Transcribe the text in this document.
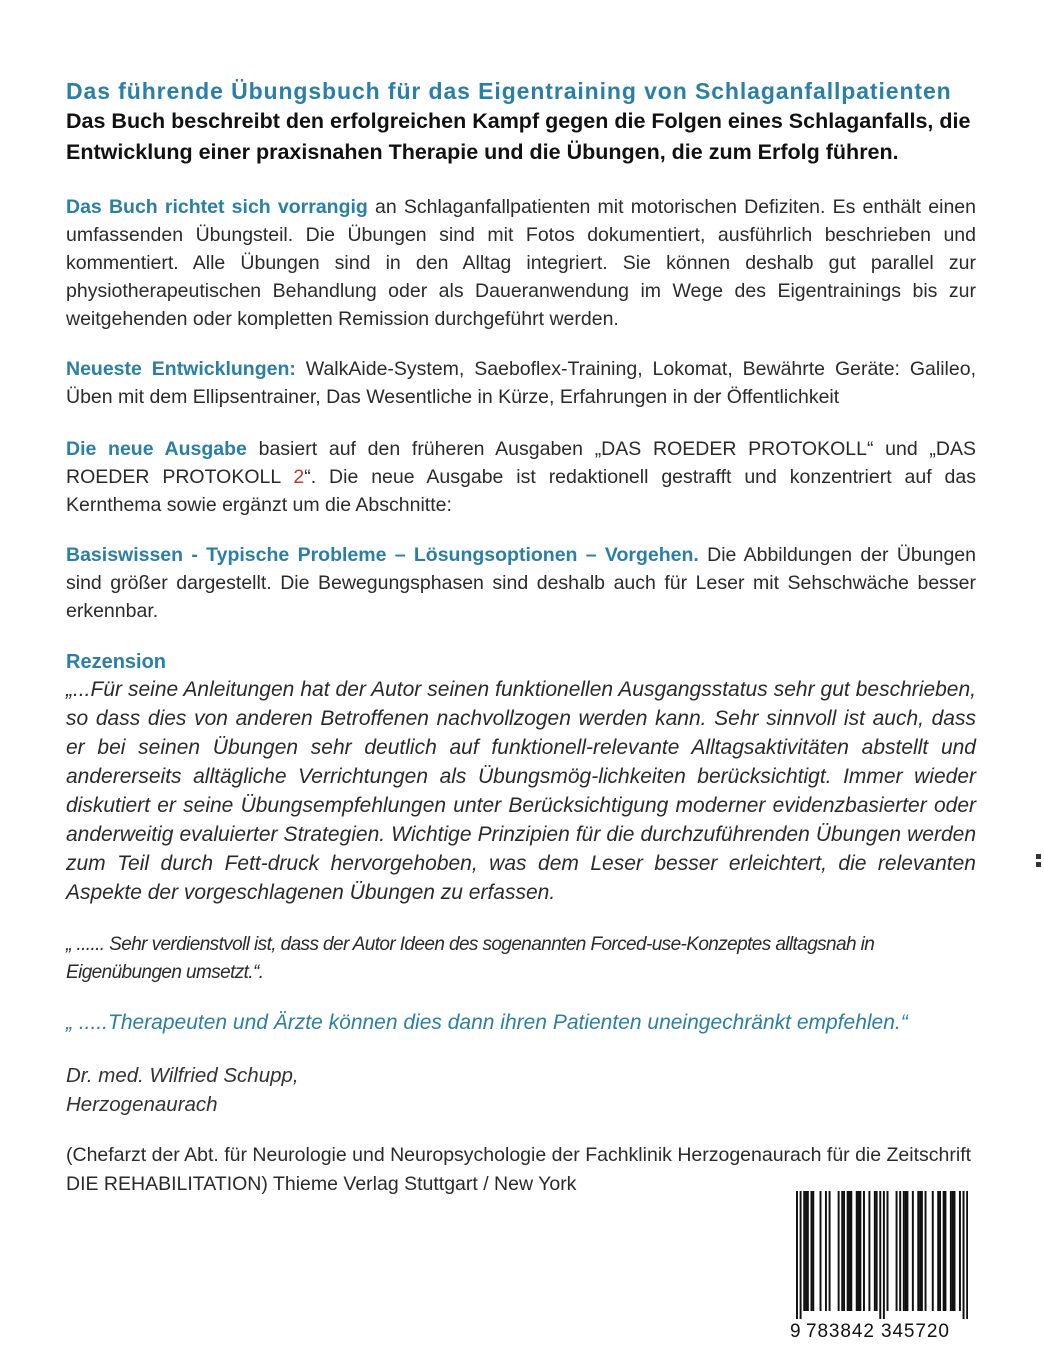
Das führende Übungsbuch für das Eigentraining von Schlaganfallpatienten

Das Buch beschreibt den erfolgreichen Kampf gegen die Folgen eines Schlaganfalls, die Entwicklung einer praxisnahen Therapie und die Übungen, die zum Erfolg führen.

Das Buch richtet sich vorrangig an Schlaganfallpatienten mit motorischen Defiziten. Es enthält einen umfassenden Übungsteil. Die Übungen sind mit Fotos dokumentiert, ausführlich beschrieben und kommentiert. Alle Übungen sind in den Alltag integriert. Sie können deshalb gut parallel zur physiotherapeutischen Behandlung oder als Daueranwendung im Wege des Eigentrainings bis zur weitgehenden oder kompletten Remission durchgeführt werden.

Neueste Entwicklungen: WalkAide-System, Saeboflex-Training, Lokomat, Bewährte Geräte: Galileo, Üben mit dem Ellipsentrainer, Das Wesentliche in Kürze, Erfahrungen in der Öffentlichkeit

Die neue Ausgabe basiert auf den früheren Ausgaben „DAS ROEDER PROTOKOLL“ und „DAS ROEDER PROTOKOLL 2“. Die neue Ausgabe ist redaktionell gestrafft und konzentriert auf das Kernthema sowie ergänzt um die Abschnitte:

Basiswissen - Typische Probleme – Lösungsoptionen – Vorgehen. Die Abbildungen der Übungen sind größer dargestellt. Die Bewegungsphasen sind deshalb auch für Leser mit Sehschwäche besser erkennbar.

Rezension

„...Für seine Anleitungen hat der Autor seinen funktionellen Ausgangsstatus sehr gut beschrieben, so dass dies von anderen Betroffenen nachvollzogen werden kann. Sehr sinnvoll ist auch, dass er bei seinen Übungen sehr deutlich auf funktionell-relevante Alltagsaktivitäten abstellt und andererseits alltägliche Verrichtungen als Übungsmög-lichkeiten berücksichtigt. Immer wieder diskutiert er seine Übungsempfehlungen unter Berücksichtigung moderner evidenzbasierter oder anderweitig evaluierter Strategien. Wichtige Prinzipien für die durchzuführenden Übungen werden zum Teil durch Fett-druck hervorgehoben, was dem Leser besser erleichtert, die relevanten Aspekte der vorgeschlagenen Übungen zu erfassen.

„ ...... Sehr verdienstvoll ist, dass der Autor Ideen des sogenannten Forced-use-Konzeptes alltagsnah in Eigenübungen umsetzt.“.

„ .....Therapeuten und Ärzte können dies dann ihren Patienten uneingechränkt empfehlen.“

Dr. med. Wilfried Schupp,

Herzogenaurach

(Chefarzt der Abt. für Neurologie und Neuropsychologie der Fachklinik Herzogenaurach für die Zeitschrift DIE REHABILITATION) Thieme Verlag Stuttgart / New York

9 783842 345720
